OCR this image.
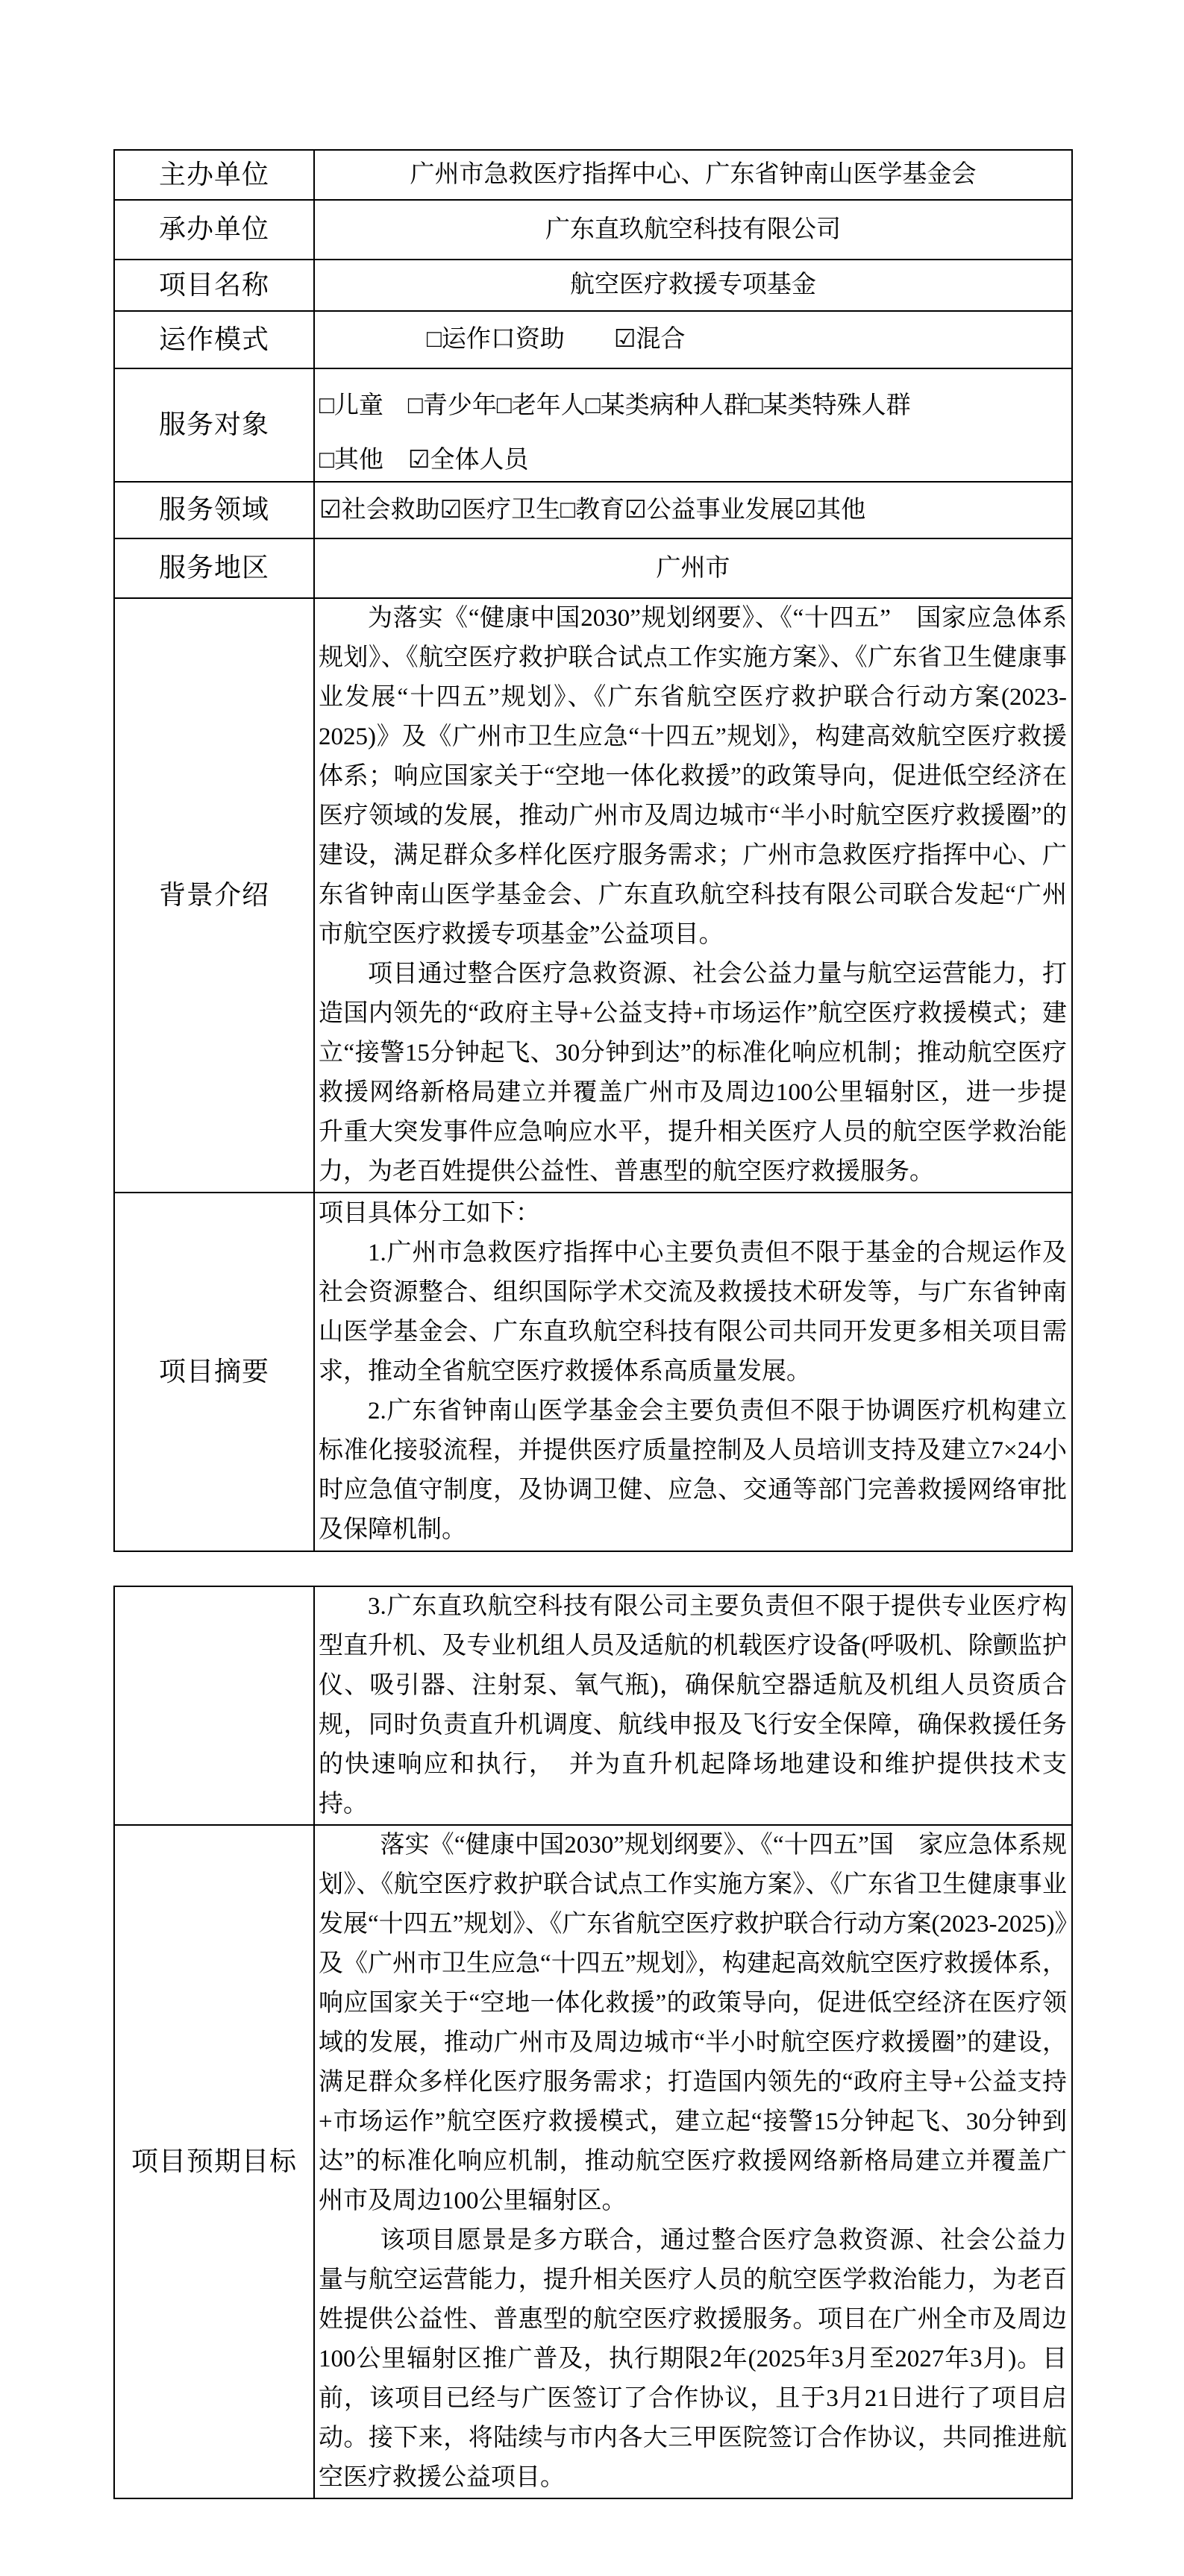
主办单位	广州市急救医疗指挥中心、广东省钟南山医学基金会
承办单位	广东直玖航空科技有限公司
项目名称	航空医疗救援专项基金
运作模式	□运作口资助　　☑混合
服务对象	□儿童　□青少年□老年人□某类病种人群□某类特殊人群
□其他　☑全体人员

服务领域	☑社会救助☑医疗卫生□教育☑公益事业发展☑其他
服务地区	广州市
背景介绍	为落实《“健康中国2030”规划纲要》、《“十四五”　国家应急体系规划》、《航空医疗救护联合试点工作实施方案》、《广东省卫生健康事业发展“十四五”规划》、《广东省航空医疗救护联合行动方案(2023-2025)》及《广州市卫生应急“十四五”规划》，构建高效航空医疗救援体系；响应国家关于“空地一体化救援”的政策导向，促进低空经济在医疗领域的发展，推动广州市及周边城市“半小时航空医疗救援圈”的建设，满足群众多样化医疗服务需求；广州市急救医疗指挥中心、广东省钟南山医学基金会、广东直玖航空科技有限公司联合发起“广州市航空医疗救援专项基金”公益项目。

项目通过整合医疗急救资源、社会公益力量与航空运营能力，打造国内领先的“政府主导+公益支持+市场运作”航空医疗救援模式；建立“接警15分钟起飞、30分钟到达”的标准化响应机制；推动航空医疗救援网络新格局建立并覆盖广州市及周边100公里辐射区，进一步提升重大突发事件应急响应水平，提升相关医疗人员的航空医学救治能力，为老百姓提供公益性、普惠型的航空医疗救援服务。

项目摘要	项目具体分工如下：

1.广州市急救医疗指挥中心主要负责但不限于基金的合规运作及社会资源整合、组织国际学术交流及救援技术研发等，与广东省钟南山医学基金会、广东直玖航空科技有限公司共同开发更多相关项目需求，推动全省航空医疗救援体系高质量发展。

2.广东省钟南山医学基金会主要负责但不限于协调医疗机构建立标准化接驳流程，并提供医疗质量控制及人员培训支持及建立7×24小时应急值守制度，及协调卫健、应急、交通等部门完善救援网络审批及保障机制。

	3.广东直玖航空科技有限公司主要负责但不限于提供专业医疗构型直升机、及专业机组人员及适航的机载医疗设备(呼吸机、除颤监护仪、吸引器、注射泵、氧气瓶)，确保航空器适航及机组人员资质合规，同时负责直升机调度、航线申报及飞行安全保障，确保救援任务的快速响应和执行，　并为直升机起降场地建设和维护提供技术支持。

项目预期目标	落实《“健康中国2030”规划纲要》、《“十四五”国　家应急体系规划》、《航空医疗救护联合试点工作实施方案》、《广东省卫生健康事业发展“十四五”规划》、《广东省航空医疗救护联合行动方案(2023-2025)》及《广州市卫生应急“十四五”规划》，构建起高效航空医疗救援体系，响应国家关于“空地一体化救援”的政策导向，促进低空经济在医疗领域的发展，推动广州市及周边城市“半小时航空医疗救援圈”的建设，满足群众多样化医疗服务需求；打造国内领先的“政府主导+公益支持+市场运作”航空医疗救援模式，建立起“接警15分钟起飞、30分钟到达”的标准化响应机制，推动航空医疗救援网络新格局建立并覆盖广州市及周边100公里辐射区。

该项目愿景是多方联合，通过整合医疗急救资源、社会公益力量与航空运营能力，提升相关医疗人员的航空医学救治能力，为老百姓提供公益性、普惠型的航空医疗救援服务。项目在广州全市及周边100公里辐射区推广普及，执行期限2年(2025年3月至2027年3月)。目前，该项目已经与广医签订了合作协议，且于3月21日进行了项目启动。接下来，将陆续与市内各大三甲医院签订合作协议，共同推进航空医疗救援公益项目。
